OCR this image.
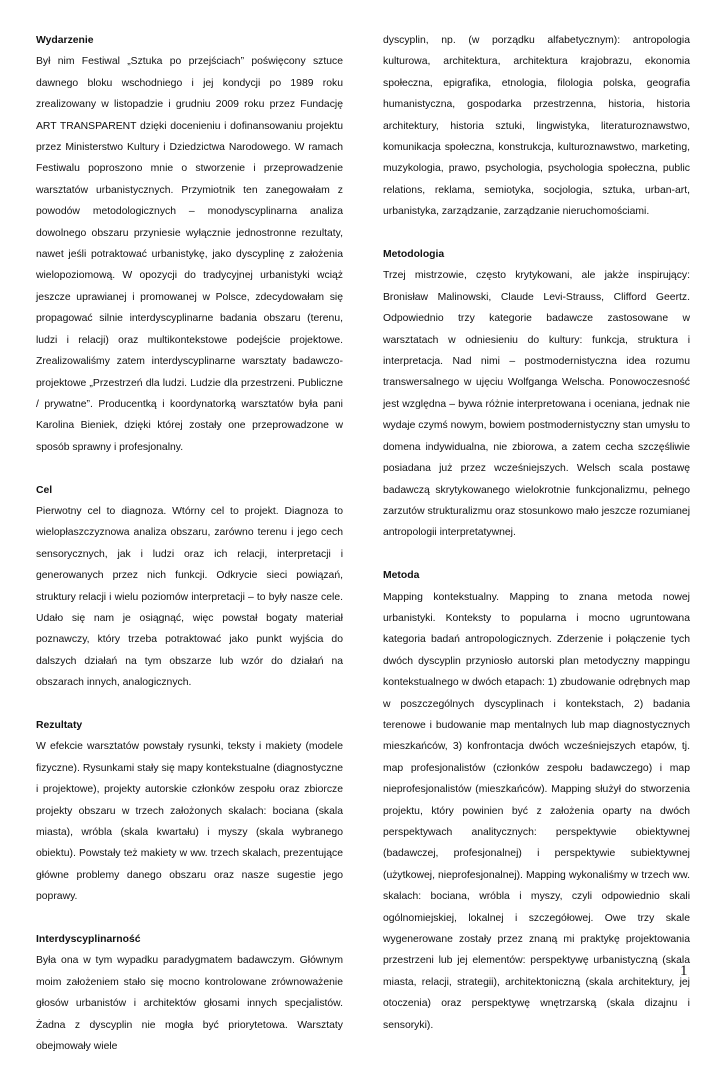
Wydarzenie

Był nim Festiwal „Sztuka po przejściach” poświęcony sztuce dawnego bloku wschodniego i jej kondycji po 1989 roku zrealizowany w listopadzie i grudniu 2009 roku przez Fundację ART TRANSPARENT dzięki docenieniu i dofinansowaniu projektu przez Ministerstwo Kultury i Dziedzictwa Narodowego. W ramach Festiwalu poproszono mnie o stworzenie i przeprowadzenie warsztatów urbanistycznych. Przymiotnik ten zanegowałam z powodów metodologicznych – monodyscyplinarna analiza dowolnego obszaru przyniesie wyłącznie jednostronne rezultaty, nawet jeśli potraktować urbanistykę, jako dyscyplinę z założenia wielopoziomową. W opozycji do tradycyjnej urbanistyki wciąż jeszcze uprawianej i promowanej w Polsce, zdecydowałam się propagować silnie interdyscyplinarne badania obszaru (terenu, ludzi i relacji) oraz multikontekstowe podejście projektowe. Zrealizowaliśmy zatem interdyscyplinarne warsztaty badawczo-projektowe „Przestrzeń dla ludzi. Ludzie dla przestrzeni. Publiczne / prywatne”. Producentką i koordynatorką warsztatów była pani Karolina Bieniek, dzięki której zostały one przeprowadzone w sposób sprawny i profesjonalny.

Cel

Pierwotny cel to diagnoza. Wtórny cel to projekt. Diagnoza to wielopłaszczyznowa analiza obszaru, zarówno terenu i jego cech sensorycznych, jak i ludzi oraz ich relacji, interpretacji i generowanych przez nich funkcji. Odkrycie sieci powiązań, struktury relacji i wielu poziomów interpretacji – to były nasze cele. Udało się nam je osiągnąć, więc powstał bogaty materiał poznawczy, który trzeba potraktować jako punkt wyjścia do dalszych działań na tym obszarze lub wzór do działań na obszarach innych, analogicznych.

Rezultaty

W efekcie warsztatów powstały rysunki, teksty i makiety (modele fizyczne). Rysunkami stały się mapy kontekstualne (diagnostyczne i projektowe), projekty autorskie członków zespołu oraz zbiorcze projekty obszaru w trzech założonych skalach: bociana (skala miasta), wróbla (skala kwartału) i myszy (skala wybranego obiektu). Powstały też makiety w ww. trzech skalach, prezentujące główne problemy danego obszaru oraz nasze sugestie jego poprawy.

Interdyscyplinarność

Była ona w tym wypadku paradygmatem badawczym. Głównym moim założeniem stało się mocno kontrolowane zrównoważenie głosów urbanistów i architektów głosami innych specjalistów. Żadna z dyscyplin nie mogła być priorytetowa. Warsztaty obejmowały wiele

dyscyplin, np. (w porządku alfabetycznym): antropologia kulturowa, architektura, architektura krajobrazu, ekonomia społeczna, epigrafika, etnologia, filologia polska, geografia humanistyczna, gospodarka przestrzenna, historia, historia architektury, historia sztuki, lingwistyka, literaturoznawstwo, komunikacja społeczna, konstrukcja, kulturoznawstwo, marketing, muzykologia, prawo, psychologia, psychologia społeczna, public relations, reklama, semiotyka, socjologia, sztuka, urban-art, urbanistyka, zarządzanie, zarządzanie nieruchomościami.

Metodologia

Trzej mistrzowie, często krytykowani, ale jakże inspirujący: Bronisław Malinowski, Claude Levi-Strauss, Clifford Geertz. Odpowiednio trzy kategorie badawcze zastosowane w warsztatach w odniesieniu do kultury: funkcja, struktura i interpretacja. Nad nimi – postmodernistyczna idea rozumu transwersalnego w ujęciu Wolfganga Welscha. Ponowoczesność jest względna – bywa różnie interpretowana i oceniana, jednak nie wydaje czymś nowym, bowiem postmodernistyczny stan umysłu to domena indywidualna, nie zbiorowa, a zatem cecha szczęśliwie posiadana już przez wcześniejszych. Welsch scala postawę badawczą skrytykowanego wielokrotnie funkcjonalizmu, pełnego zarzutów strukturalizmu oraz stosunkowo mało jeszcze rozumianej antropologii interpretatywnej.

Metoda

Mapping kontekstualny. Mapping to znana metoda nowej urbanistyki. Konteksty to popularna i mocno ugruntowana kategoria badań antropologicznych. Zderzenie i połączenie tych dwóch dyscyplin przyniosło autorski plan metodyczny mappingu kontekstualnego w dwóch etapach: 1) zbudowanie odrębnych map w poszczególnych dyscyplinach i kontekstach, 2) badania terenowe i budowanie map mentalnych lub map diagnostycznych mieszkańców, 3) konfrontacja dwóch wcześniejszych etapów, tj. map profesjonalistów (członków zespołu badawczego) i map nieprofesjonalistów (mieszkańców). Mapping służył do stworzenia projektu, który powinien być z założenia oparty na dwóch perspektywach analitycznych: perspektywie obiektywnej (badawczej, profesjonalnej) i perspektywie subiektywnej (użytkowej, nieprofesjonalnej). Mapping wykonaliśmy w trzech ww. skalach: bociana, wróbla i myszy, czyli odpowiednio skali ogólnomiejskiej, lokalnej i szczegółowej. Owe trzy skale wygenerowane zostały przez znaną mi praktykę projektowania przestrzeni lub jej elementów: perspektywę urbanistyczną (skala miasta, relacji, strategii), architektoniczną (skala architektury, jej otoczenia) oraz perspektywę wnętrzarską (skala dizajnu i sensoryki).

1
